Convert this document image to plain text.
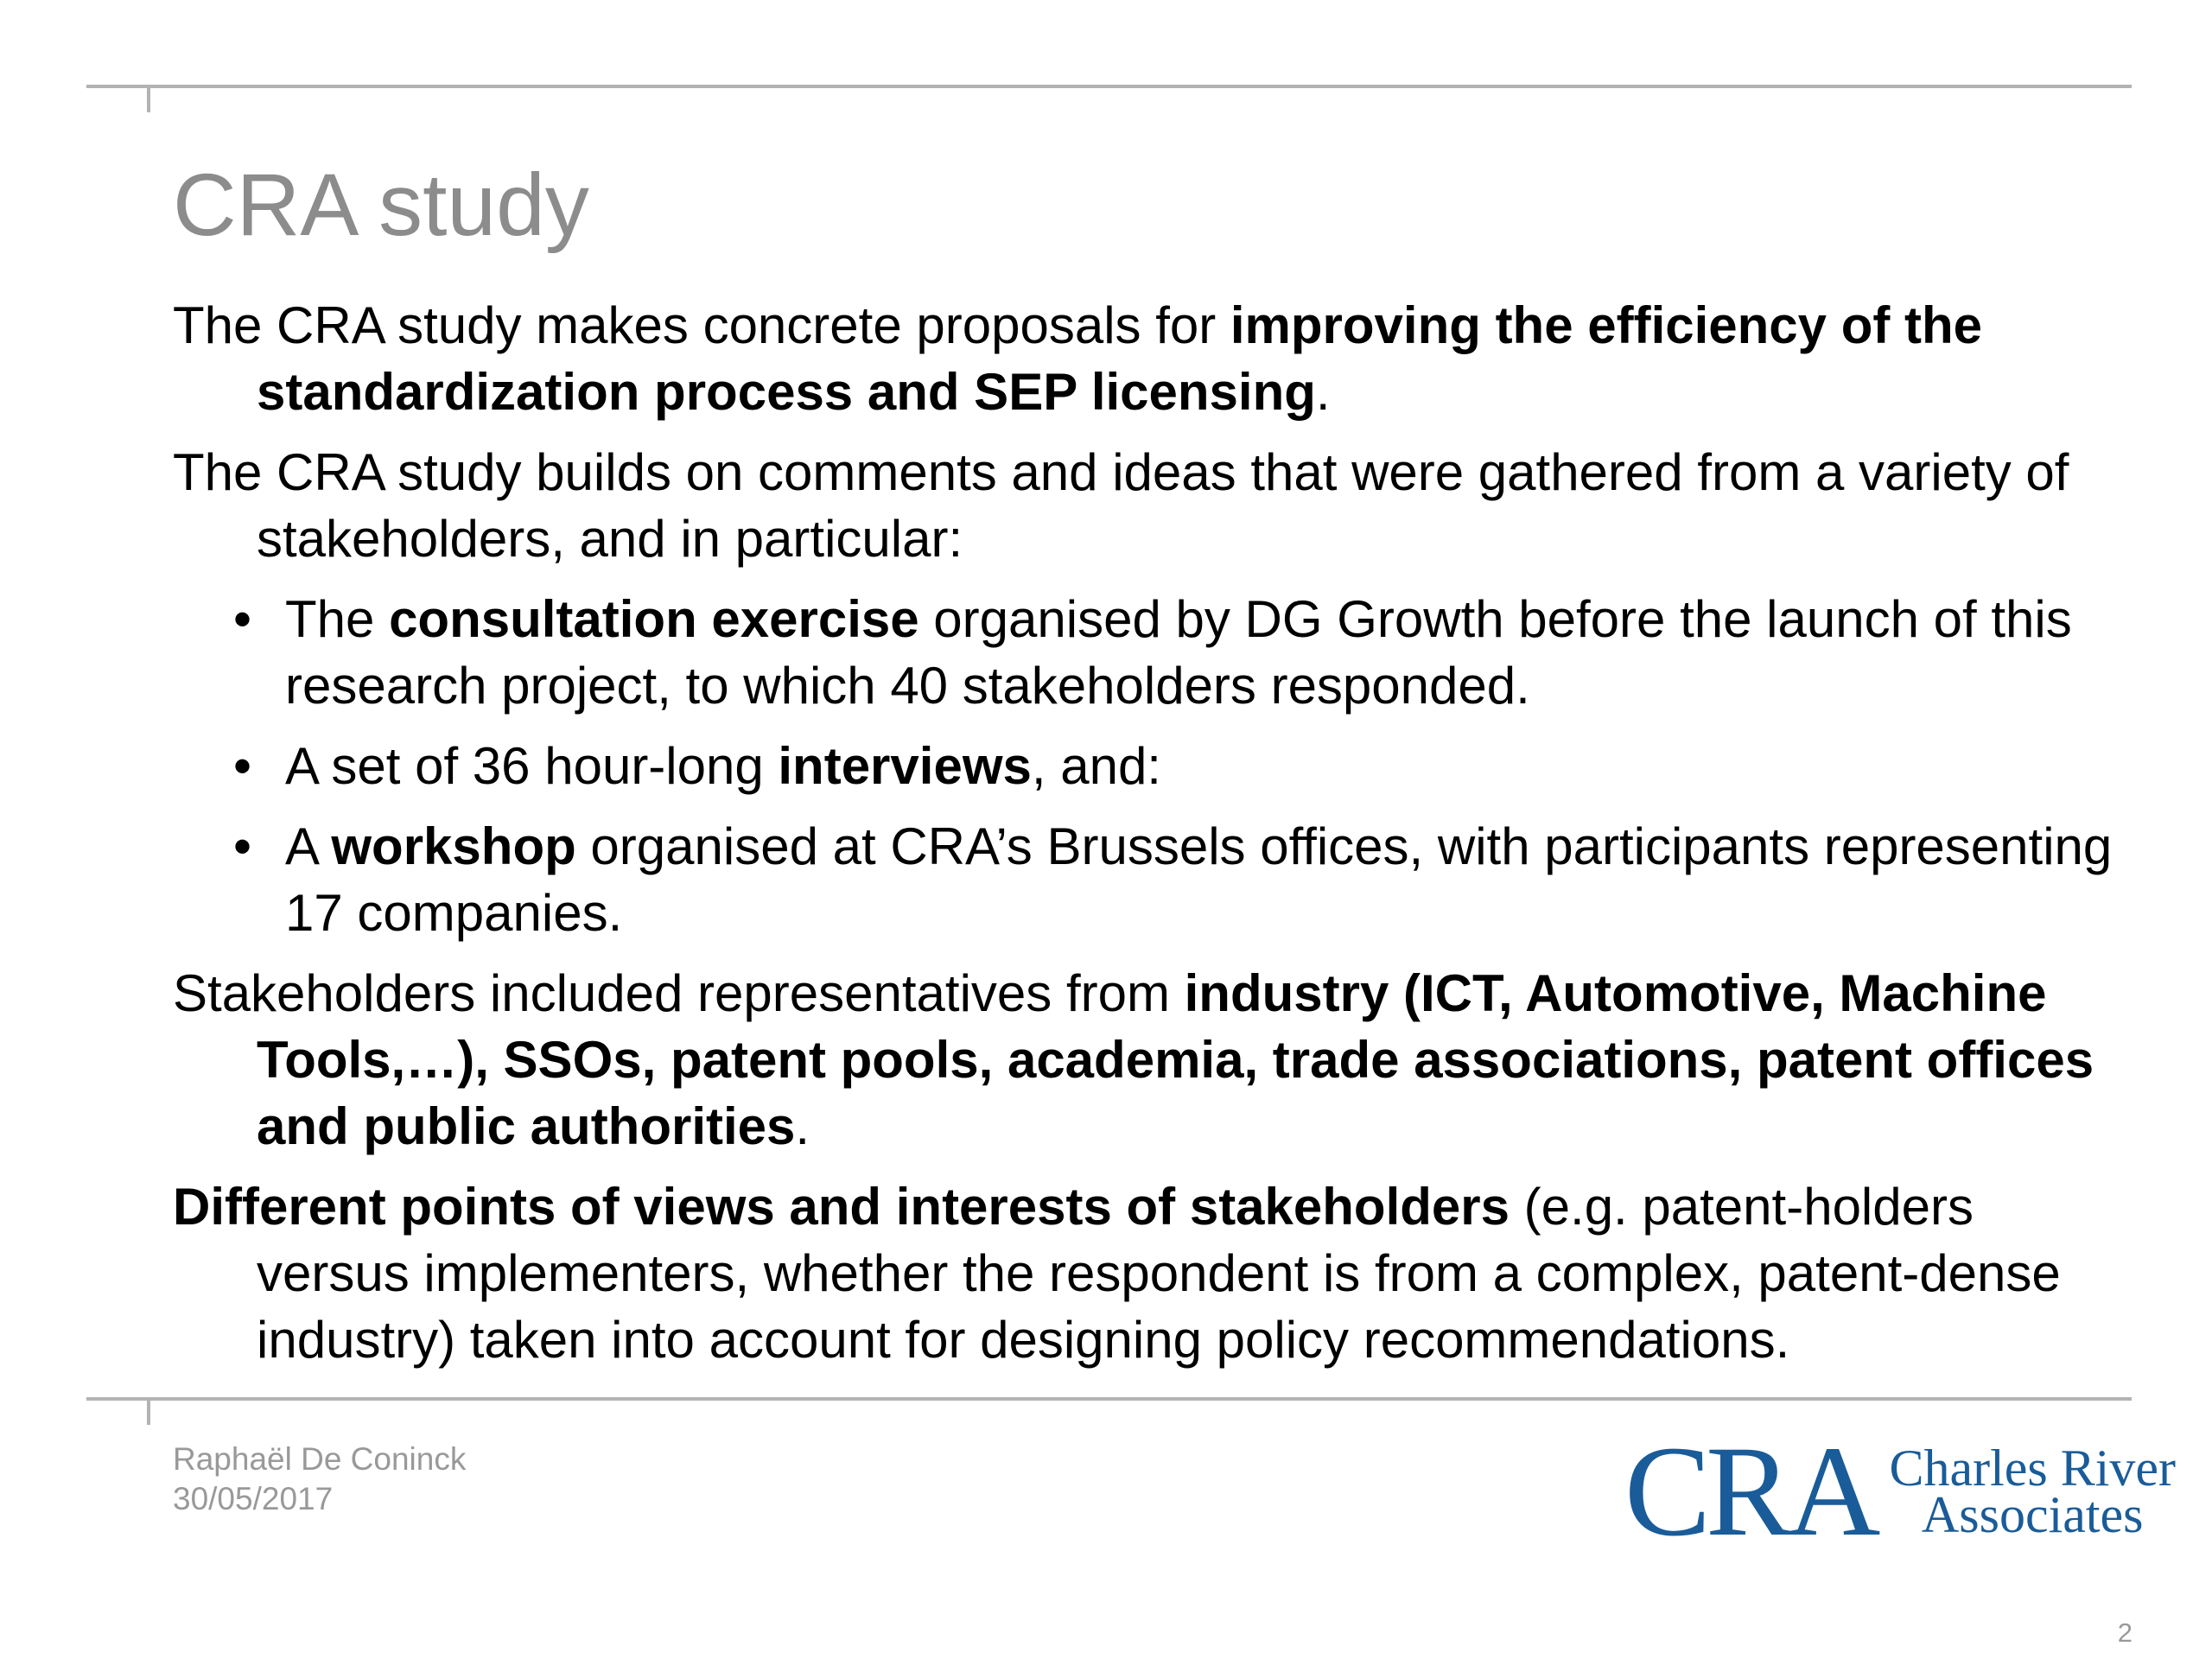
CRA study

The CRA study makes concrete proposals for improving the efficiency of the standardization process and SEP licensing.

The CRA study builds on comments and ideas that were gathered from a variety of stakeholders, and in particular:

• The consultation exercise organised by DG Growth before the launch of this research project, to which 40 stakeholders responded.
• A set of 36 hour-long interviews, and:
• A workshop organised at CRA’s Brussels offices, with participants representing 17 companies.

Stakeholders included representatives from industry (ICT, Automotive, Machine Tools,…), SSOs, patent pools, academia, trade associations, patent offices and public authorities.

Different points of views and interests of stakeholders (e.g. patent-holders versus implementers, whether the respondent is from a complex, patent-dense industry) taken into account for designing policy recommendations.

Raphaël De Coninck
30/05/2017	CRA Charles River
Associates
2
